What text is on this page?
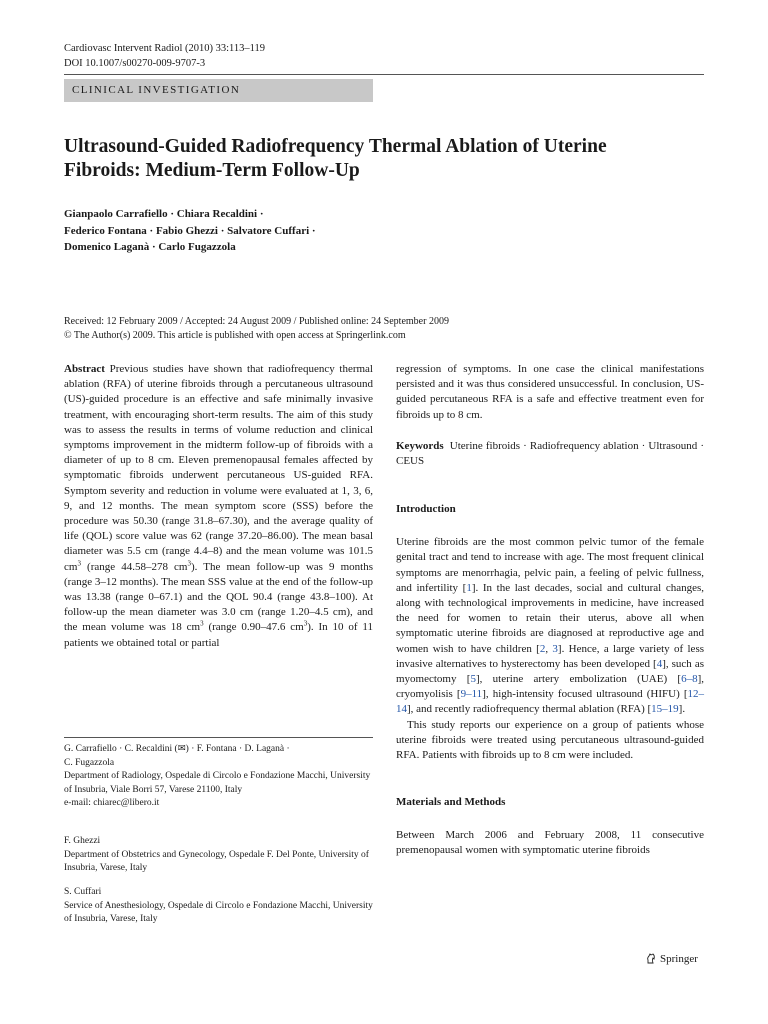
Cardiovasc Intervent Radiol (2010) 33:113–119
DOI 10.1007/s00270-009-9707-3
CLINICAL INVESTIGATION
Ultrasound-Guided Radiofrequency Thermal Ablation of Uterine
Fibroids: Medium-Term Follow-Up
Gianpaolo Carrafiello · Chiara Recaldini ·
Federico Fontana · Fabio Ghezzi · Salvatore Cuffari ·
Domenico Laganà · Carlo Fugazzola
Received: 12 February 2009 / Accepted: 24 August 2009 / Published online: 24 September 2009
© The Author(s) 2009. This article is published with open access at Springerlink.com
Abstract Previous studies have shown that radiofrequency thermal ablation (RFA) of uterine fibroids through a percutaneous ultrasound (US)-guided procedure is an effective and safe minimally invasive treatment, with encouraging short-term results. The aim of this study was to assess the results in terms of volume reduction and clinical symptoms improvement in the midterm follow-up of fibroids with a diameter of up to 8 cm. Eleven premenopausal females affected by symptomatic fibroids underwent percutaneous US-guided RFA. Symptom severity and reduction in volume were evaluated at 1, 3, 6, 9, and 12 months. The mean symptom score (SSS) before the procedure was 50.30 (range 31.8–67.30), and the average quality of life (QOL) score value was 62 (range 37.20–86.00). The mean basal diameter was 5.5 cm (range 4.4–8) and the mean volume was 101.5 $cm^3$ (range 44.58–278 $cm^3$). The mean follow-up was 9 months (range 3–12 months). The mean SSS value at the end of the follow-up was 13.38 (range 0–67.1) and the QOL 90.4 (range 43.8–100). At follow-up the mean diameter was 3.0 cm (range 1.20–4.5 cm), and the mean volume was 18 $cm^3$ (range 0.90–47.6 $cm^3$). In 10 of 11 patients we obtained total or partial
G. Carrafiello · C. Recaldini (✉) · F. Fontana · D. Laganà ·
C. Fugazzola
Department of Radiology, Ospedale di Circolo e Fondazione Macchi, University of Insubria, Viale Borri 57, Varese 21100, Italy
e-mail: chiarec@libero.it
F. Ghezzi
Department of Obstetrics and Gynecology, Ospedale F. Del Ponte, University of Insubria, Varese, Italy
S. Cuffari
Service of Anesthesiology, Ospedale di Circolo e Fondazione Macchi, University of Insubria, Varese, Italy
regression of symptoms. In one case the clinical manifestations persisted and it was thus considered unsuccessful. In conclusion, US-guided percutaneous RFA is a safe and effective treatment even for fibroids up to 8 cm.
Keywords Uterine fibroids · Radiofrequency ablation · Ultrasound · CEUS
Introduction
Uterine fibroids are the most common pelvic tumor of the female genital tract and tend to increase with age. The most frequent clinical symptoms are menorrhagia, pelvic pain, a feeling of pelvic fullness, and infertility [1]. In the last decades, social and cultural changes, along with technological improvements in medicine, have increased the need for women to retain their uterus, above all when symptomatic uterine fibroids are diagnosed at reproductive age and women wish to have children [2, 3]. Hence, a large variety of less invasive alternatives to hysterectomy has been developed [4], such as myomectomy [5], uterine artery embolization (UAE) [6–8], cryomyolisis [9–11], high-intensity focused ultrasound (HIFU) [12–14], and recently radiofrequency thermal ablation (RFA) [15–19].
This study reports our experience on a group of patients whose uterine fibroids were treated using percutaneous ultrasound-guided RFA. Patients with fibroids up to 8 cm were included.
Materials and Methods
Between March 2006 and February 2008, 11 consecutive premenopausal women with symptomatic uterine fibroids
Springer
